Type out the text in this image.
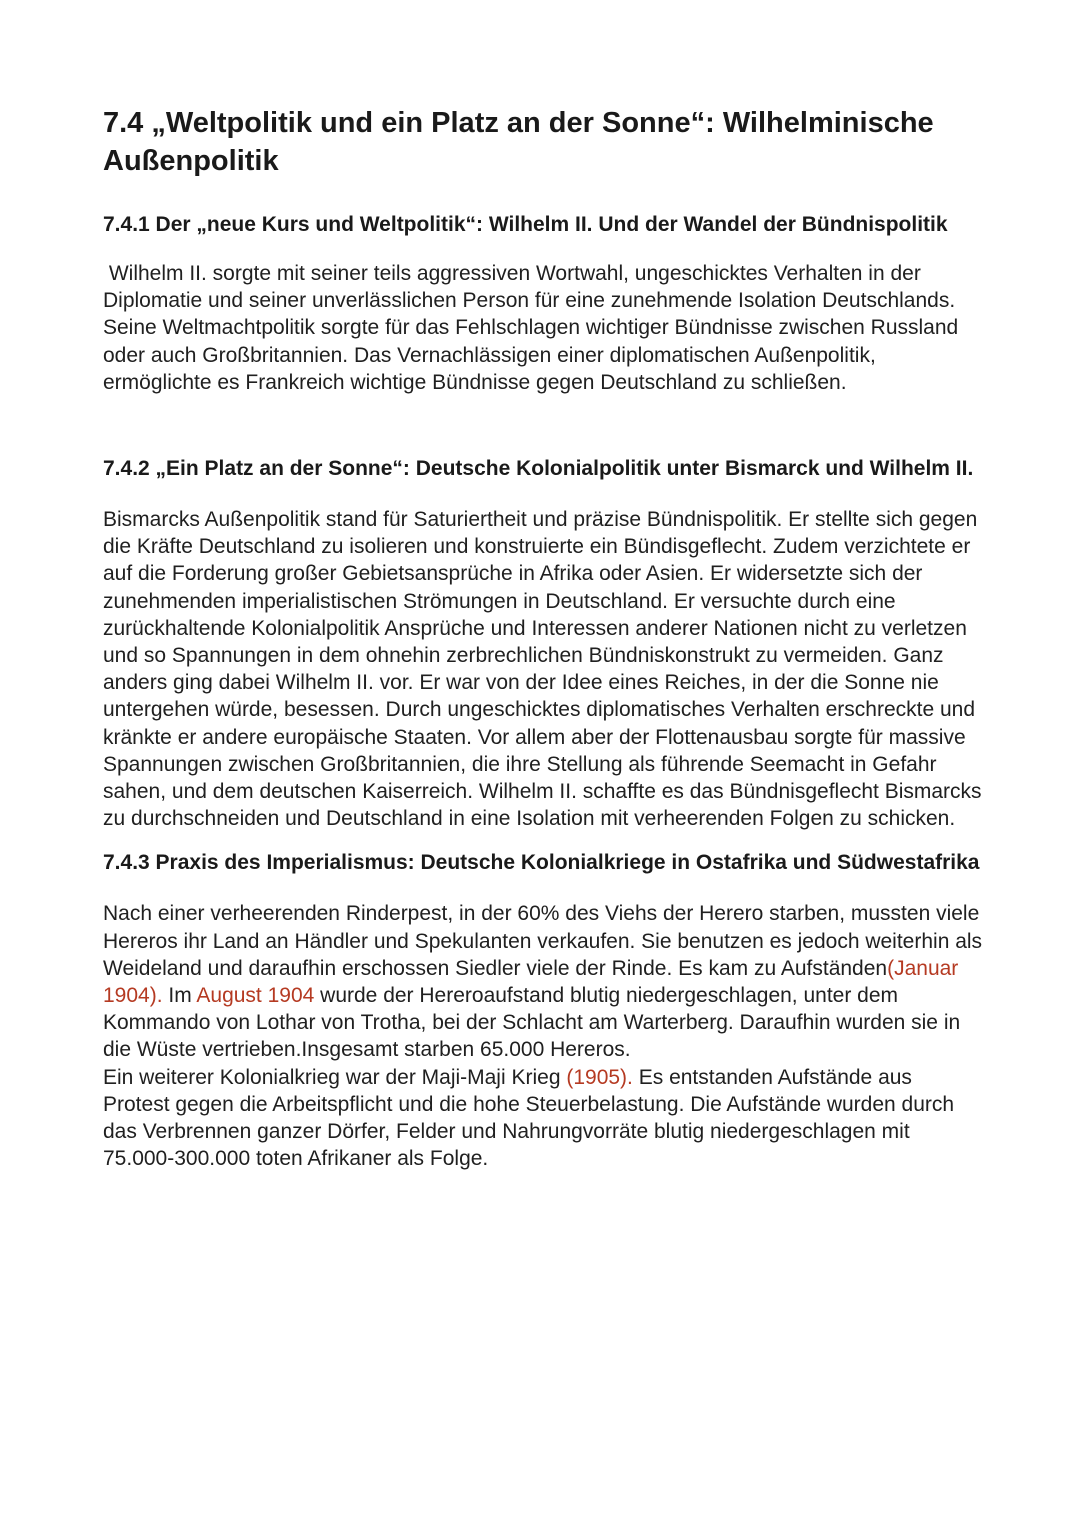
7.4 „Weltpolitik und ein Platz an der Sonne“: Wilhelminische Außenpolitik
7.4.1 Der „neue Kurs und Weltpolitik“: Wilhelm II. Und der Wandel der Bündnispolitik

Wilhelm II. sorgte mit seiner teils aggressiven Wortwahl, ungeschicktes Verhalten in der Diplomatie und seiner unverlässlichen Person für eine zunehmende Isolation Deutschlands. Seine Weltmachtpolitik sorgte für das Fehlschlagen wichtiger Bündnisse zwischen Russland oder auch Großbritannien. Das Vernachlässigen einer diplomatischen Außenpolitik, ermöglichte es Frankreich wichtige Bündnisse gegen Deutschland zu schließen.

7.4.2 „Ein Platz an der Sonne“: Deutsche Kolonialpolitik unter Bismarck und Wilhelm II.

Bismarcks Außenpolitik stand für Saturiertheit und präzise Bündnispolitik. Er stellte sich gegen die Kräfte Deutschland zu isolieren und konstruierte ein Bündisgeflecht. Zudem verzichtete er auf die Forderung großer Gebietsansprüche in Afrika oder Asien. Er widersetzte sich der zunehmenden imperialistischen Strömungen in Deutschland. Er versuchte durch eine zurückhaltende Kolonialpolitik Ansprüche und Interessen anderer Nationen nicht zu verletzen und so Spannungen in dem ohnehin zerbrechlichen Bündniskonstrukt zu vermeiden. Ganz anders ging dabei Wilhelm II. vor. Er war von der Idee eines Reiches, in der die Sonne nie untergehen würde, besessen. Durch ungeschicktes diplomatisches Verhalten erschreckte und kränkte er andere europäische Staaten. Vor allem aber der Flottenausbau sorgte für massive Spannungen zwischen Großbritannien, die ihre Stellung als führende Seemacht in Gefahr sahen, und dem deutschen Kaiserreich. Wilhelm II. schaffte es das Bündnisgeflecht Bismarcks zu durchschneiden und Deutschland in eine Isolation mit verheerenden Folgen zu schicken.

7.4.3 Praxis des Imperialismus: Deutsche Kolonialkriege in Ostafrika und Südwestafrika

Nach einer verheerenden Rinderpest, in der 60% des Viehs der Herero starben, mussten viele Hereros ihr Land an Händler und Spekulanten verkaufen. Sie benutzen es jedoch weiterhin als Weideland und daraufhin erschossen Siedler viele der Rinde. Es kam zu Aufständen(Januar 1904). Im August 1904 wurde der Hereroaufstand blutig niedergeschlagen, unter dem Kommando von Lothar von Trotha, bei der Schlacht am Warterberg. Daraufhin wurden sie in die Wüste vertrieben.Insgesamt starben 65.000 Hereros.

Ein weiterer Kolonialkrieg war der Maji-Maji Krieg (1905). Es entstanden Aufstände aus Protest gegen die Arbeitspflicht und die hohe Steuerbelastung. Die Aufstände wurden durch das Verbrennen ganzer Dörfer, Felder und Nahrungvorräte blutig niedergeschlagen mit 75.000-300.000 toten Afrikaner als Folge.
